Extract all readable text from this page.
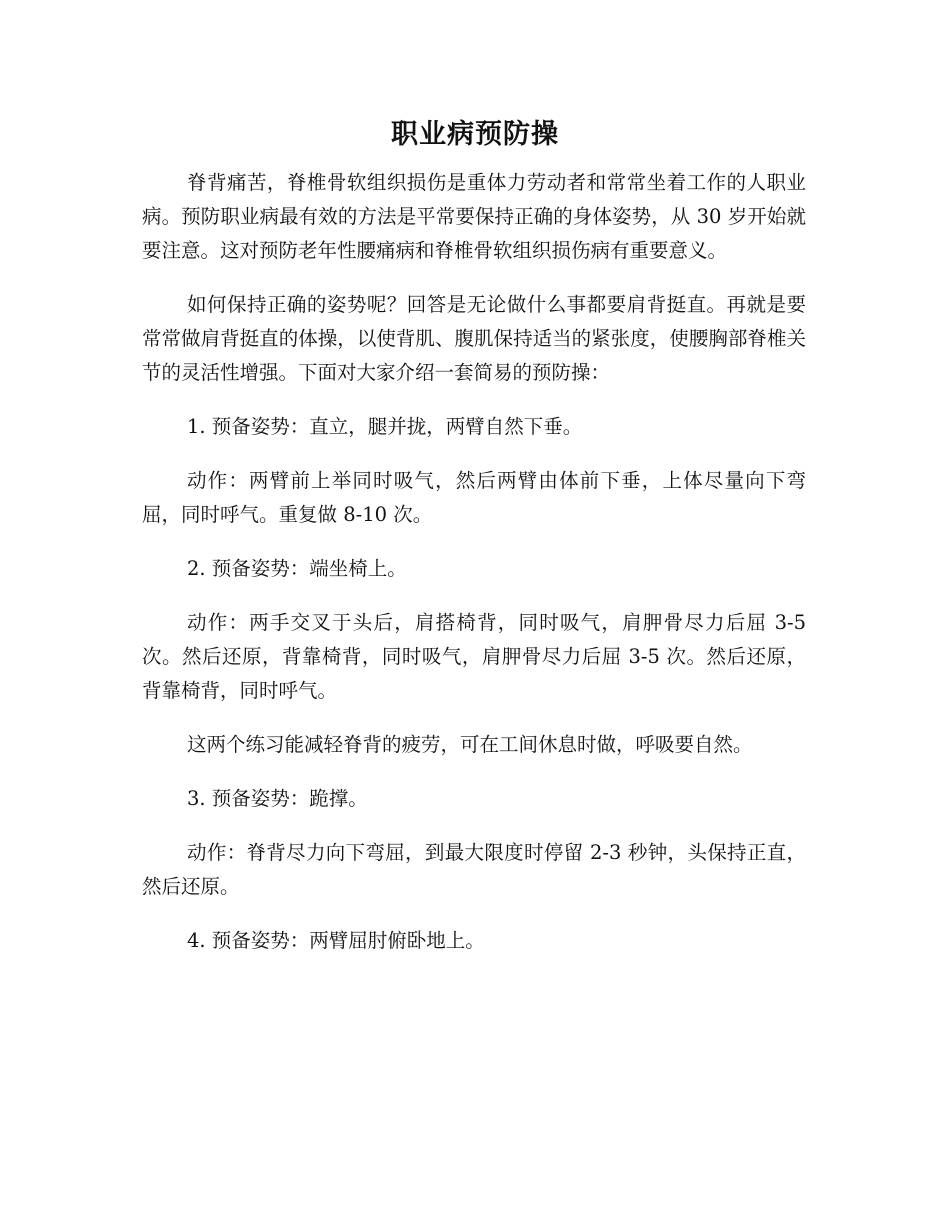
职业病预防操

脊背痛苦，脊椎骨软组织损伤是重体力劳动者和常常坐着工作的人职业病。预防职业病最有效的方法是平常要保持正确的身体姿势，从 30 岁开始就要注意。这对预防老年性腰痛病和脊椎骨软组织损伤病有重要意义。

如何保持正确的姿势呢？回答是无论做什么事都要肩背挺直。再就是要常常做肩背挺直的体操，以使背肌、腹肌保持适当的紧张度，使腰胸部脊椎关节的灵活性增强。下面对大家介绍一套简易的预防操：

1. 预备姿势：直立，腿并拢，两臂自然下垂。

动作：两臂前上举同时吸气，然后两臂由体前下垂，上体尽量向下弯屈，同时呼气。重复做 8-10 次。

2. 预备姿势：端坐椅上。

动作：两手交叉于头后，肩搭椅背，同时吸气，肩胛骨尽力后屈 3-5 次。然后还原，背靠椅背，同时吸气，肩胛骨尽力后屈 3-5 次。然后还原，背靠椅背，同时呼气。

这两个练习能减轻脊背的疲劳，可在工间休息时做，呼吸要自然。

3. 预备姿势：跪撑。

动作：脊背尽力向下弯屈，到最大限度时停留 2-3 秒钟，头保持正直，然后还原。

4. 预备姿势：两臂屈肘俯卧地上。
